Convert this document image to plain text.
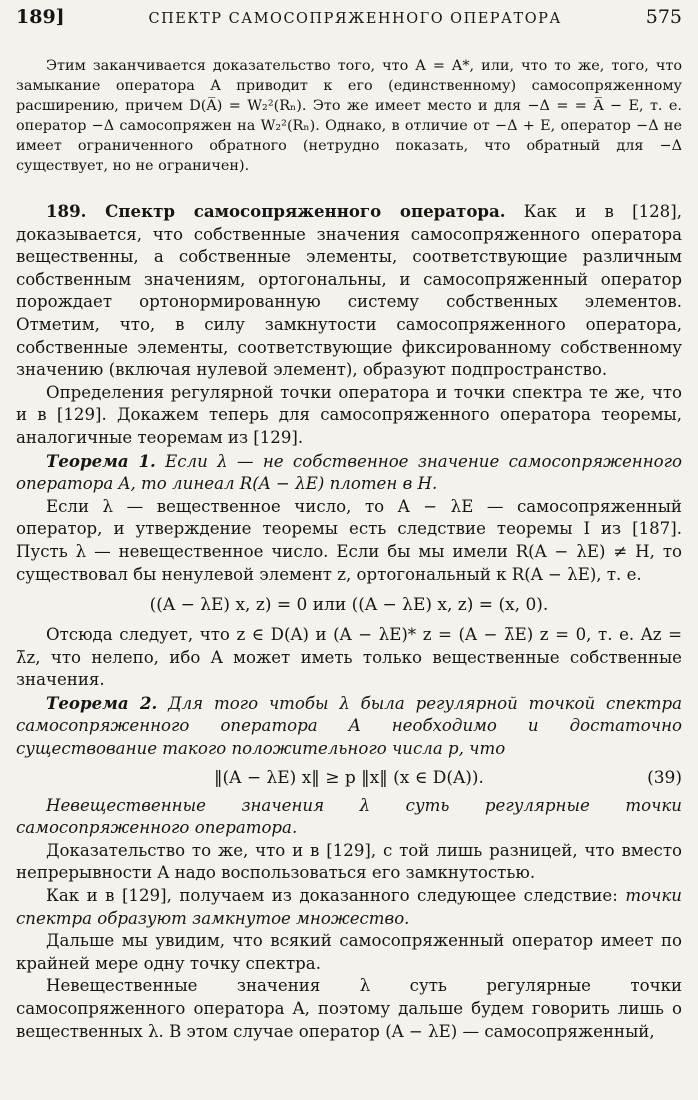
189]	СПЕКТР САМОСОПРЯЖЕННОГО ОПЕРАТОРА	575

Этим заканчивается доказательство того, что A = A*, или, что то же, того, что замыкание оператора A приводит к его (единственному) самосопряженному расширению, причем D(A̅) = W₂²(Rₙ). Это же имеет место и для −Δ = = A̅ − E, т. е. оператор −Δ самосопряжен на W₂²(Rₙ). Однако, в отличие от −Δ + E, оператор −Δ не имеет ограниченного обратного (нетрудно показать, что обратный для −Δ существует, но не ограничен).

189. Спектр самосопряженного оператора. Как и в [128], доказывается, что собственные значения самосопряженного оператора вещественны, а собственные элементы, соответствующие различным собственным значениям, ортогональны, и самосопряженный оператор порождает ортонормированную систему собственных элементов. Отметим, что, в силу замкнутости самосопряженного оператора, собственные элементы, соответствующие фиксированному собственному значению (включая нулевой элемент), образуют подпространство.

Определения регулярной точки оператора и точки спектра те же, что и в [129]. Докажем теперь для самосопряженного оператора теоремы, аналогичные теоремам из [129].

Теорема 1. Если λ — не собственное значение самосопряженного оператора A, то линеал R(A − λE) плотен в H.

Если λ — вещественное число, то A − λE — самосопряженный оператор, и утверждение теоремы есть следствие теоремы I из [187]. Пусть λ — невещественное число. Если бы мы имели R(A − λE) ≠ H, то существовал бы ненулевой элемент z, ортогональный к R(A − λE), т. е.

((A − λE) x, z) = 0 или ((A − λE) x, z) = (x, 0).

Отсюда следует, что z ∈ D(A) и (A − λE)* z = (A − λ̄E) z = 0, т. е. Az = λ̄z, что нелепо, ибо A может иметь только вещественные собственные значения.

Теорема 2. Для того чтобы λ была регулярной точкой спектра самосопряженного оператора A необходимо и достаточно существование такого положительного числа p, что

‖(A − λE) x‖ ≥ p ‖x‖ (x ∈ D(A)).	(39)

Невещественные значения λ суть регулярные точки самосопряженного оператора.

Доказательство то же, что и в [129], с той лишь разницей, что вместо непрерывности A надо воспользоваться его замкнутостью.

Как и в [129], получаем из доказанного следующее следствие: точки спектра образуют замкнутое множество.

Дальше мы увидим, что всякий самосопряженный оператор имеет по крайней мере одну точку спектра.

Невещественные значения λ суть регулярные точки самосопряженного оператора A, поэтому дальше будем говорить лишь о вещественных λ. В этом случае оператор (A − λE) — самосопряженный,
